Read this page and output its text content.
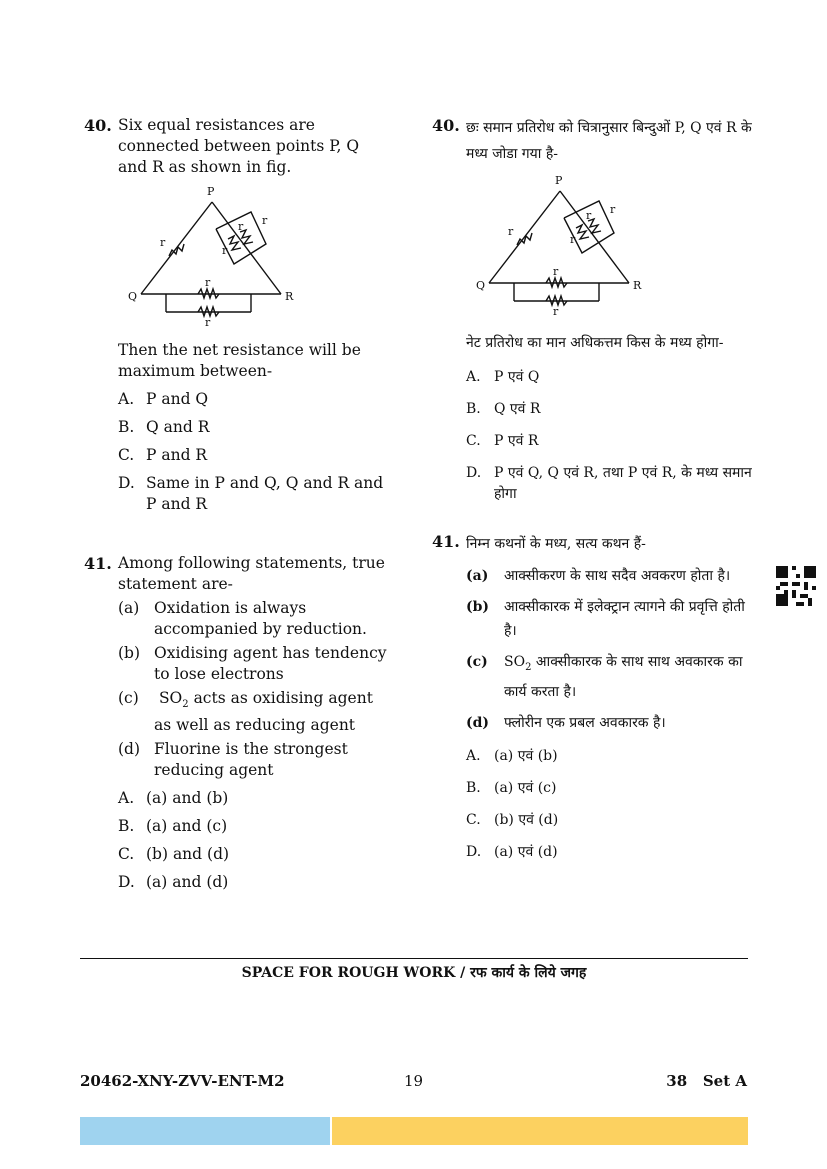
40. Six equal resistances are connected between points P, Q and R as shown in fig.

P
Q	R
r
r
r
r
r
r

Then the net resistance will be maximum between-

A. P and Q
B. Q and R
C. P and R
D. Same in P and Q, Q and R and P and R
41. Among following statements, true statement are-

(a) Oxidation is always accompanied by reduction.
(b) Oxidising agent has tendency to lose electrons
(c) $SO_2$ acts as oxidising agent as well as reducing agent
(d) Fluorine is the strongest reducing agent
A. (a) and (b)
B. (a) and (c)
C. (b) and (d)
D. (a) and (d)
40. छः समान प्रतिरोध को चित्रानुसार बिन्दुओं P, Q एवं R के मध्य जोडा गया है-

P
Q	R
r
r
r
r
r
r

नेट प्रतिरोध का मान अधिकत्तम किस के मध्य होगा-

A. P एवं Q
B. Q एवं R
C. P एवं R
D. P एवं Q, Q एवं R, तथा P एवं R, के मध्य समान होगा
41. निम्न कथनों के मध्य, सत्य कथन हैं-

(a) आक्सीकरण के साथ सदैव अवकरण होता है।
(b) आक्सीकारक में इलेक्ट्रान त्यागने की प्रवृत्ति होती है।
(c) $SO_2$ आक्सीकारक के साथ साथ अवकारक का कार्य करता है।
(d) फ्लोरीन एक प्रबल अवकारक है।
A. (a) एवं (b)
B. (a) एवं (c)
C. (b) एवं (d)
D. (a) एवं (d)
SPACE FOR ROUGH WORK / रफ कार्य के लिये जगह
20462-XNY-ZVV-ENT-M2	19	38   Set A
